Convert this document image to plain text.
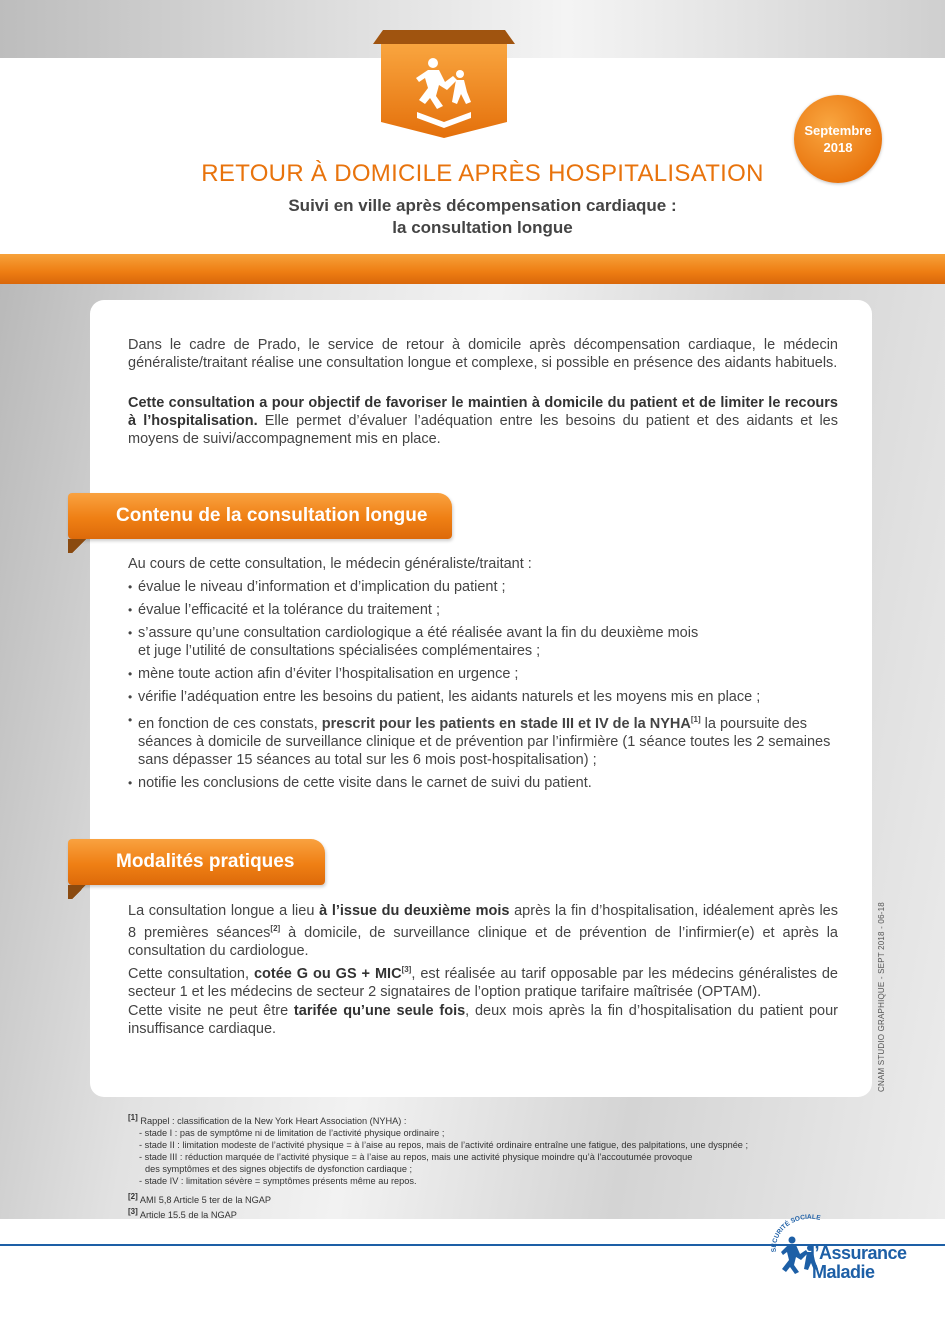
Septembre
2018
RETOUR À DOMICILE APRÈS HOSPITALISATION
Suivi en ville après décompensation cardiaque :
la consultation longue

Dans le cadre de Prado, le service de retour à domicile après décompensation cardiaque, le médecin généraliste/traitant réalise une consultation longue et complexe, si possible en présence des aidants habituels.

Cette consultation a pour objectif de favoriser le maintien à domicile du patient et de limiter le recours à l’hospitalisation. Elle permet d’évaluer l’adéquation entre les besoins du patient et des aidants et les moyens de suivi/accompagnement mis en place.

Contenu de la consultation longue

Au cours de cette consultation, le médecin généraliste/traitant :

• évalue le niveau d’information et d’implication du patient ;

• évalue l’efficacité et la tolérance du traitement ;

• s’assure qu’une consultation cardiologique a été réalisée avant la fin du deuxième mois

et juge l’utilité de consultations spécialisées complémentaires ;

• mène toute action afin d’éviter l’hospitalisation en urgence ;

• vérifie l’adéquation entre les besoins du patient, les aidants naturels et les moyens mis en place ;

• en fonction de ces constats, prescrit pour les patients en stade III et IV de la NYHA[1] la poursuite des séances à domicile de surveillance clinique et de prévention par l’infirmière (1 séance toutes les 2 semaines sans dépasser 15 séances au total sur les 6 mois post-hospitalisation) ;

• notifie les conclusions de cette visite dans le carnet de suivi du patient.

Modalités pratiques

La consultation longue a lieu à l’issue du deuxième mois après la fin d’hospitalisation, idéalement après les 8 premières séances[2] à domicile, de surveillance clinique et de prévention de l’infirmier(e) et après la consultation du cardiologue.

Cette consultation, cotée G ou GS + MIC[3], est réalisée au tarif opposable par les médecins généralistes de secteur 1 et les médecins de secteur 2 signataires de l’option pratique tarifaire maîtrisée (OPTAM).

Cette visite ne peut être tarifée qu’une seule fois, deux mois après la fin d’hospitalisation du patient pour insuffisance cardiaque.	CNAM STUDIO GRAPHIQUE - SEPT 2018 - 06-18

[1] Rappel : classification de la New York Heart Association (NYHA) :

- stade I : pas de symptôme ni de limitation de l’activité physique ordinaire ;

- stade II : limitation modeste de l’activité physique = à l’aise au repos, mais de l’activité ordinaire entraîne une fatigue, des palpitations, une dyspnée ;

- stade III : réduction marquée de l’activité physique = à l’aise au repos, mais une activité physique moindre qu’à l’accoutumée provoque

des symptômes et des signes objectifs de dysfonction cardiaque ;

- stade IV : limitation sévère = symptômes présents même au repos.

[2] AMI 5,8 Article 5 ter de la NGAP

[3] Article 15.5 de la NGAP

SÉCURITÉ SOCIALE
l’Assurance
Maladie
